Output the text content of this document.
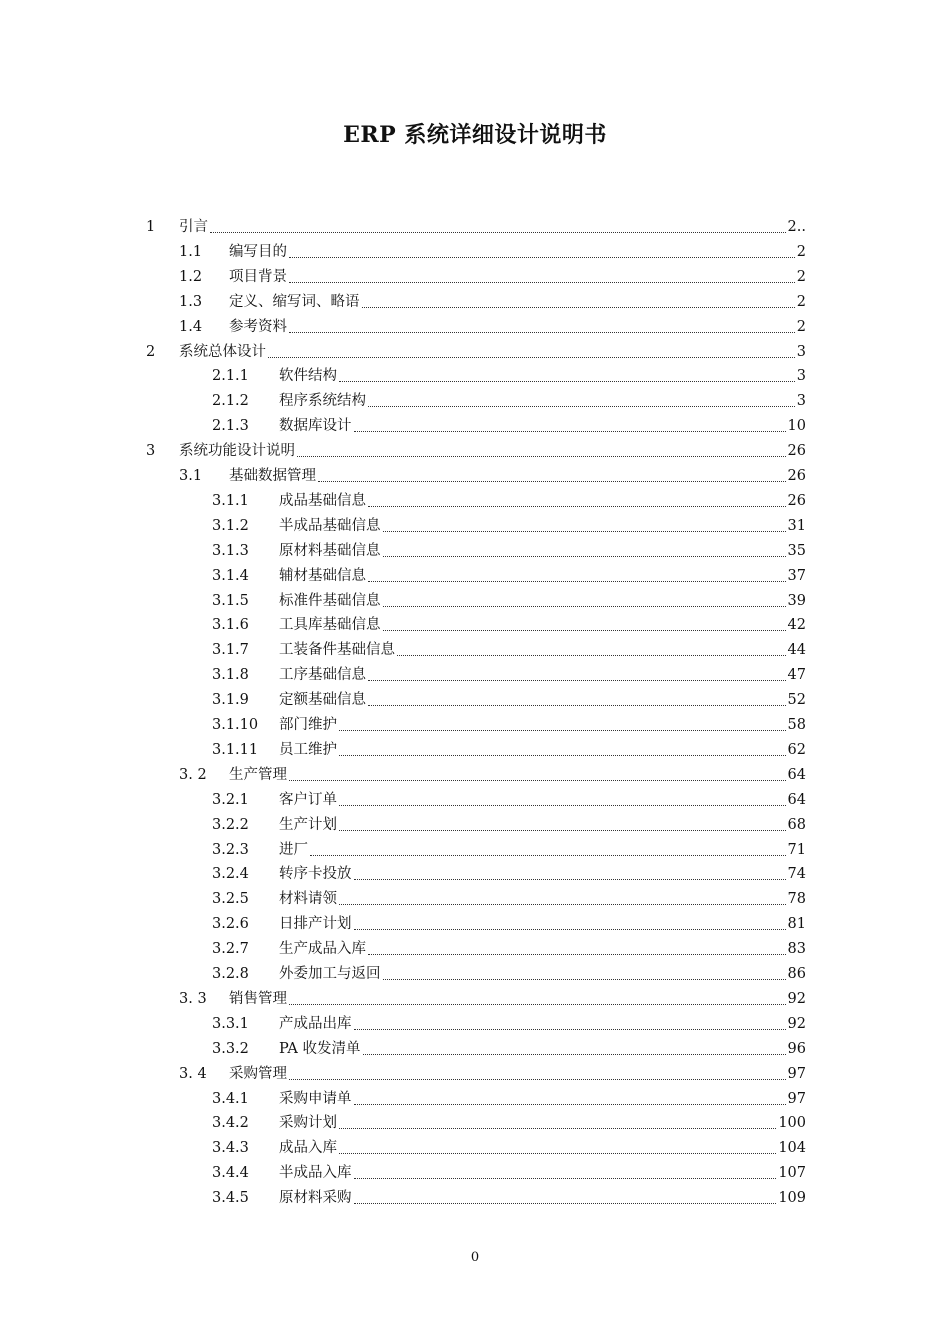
ERP 系统详细设计说明书
1	引言	2..
1.1	编写目的	2
1.2	项目背景	2
1.3	定义、缩写词、略语	2
1.4	参考资料	2
2	系统总体设计	3
2.1.1	软件结构	3
2.1.2	程序系统结构	3
2.1.3	数据库设计	10
3	系统功能设计说明	26
3.1	基础数据管理	26
3.1.1	成品基础信息	26
3.1.2	半成品基础信息	31
3.1.3	原材料基础信息	35
3.1.4	辅材基础信息	37
3.1.5	标准件基础信息	39
3.1.6	工具库基础信息	42
3.1.7	工装备件基础信息	44
3.1.8	工序基础信息	47
3.1.9	定额基础信息	52
3.1.10	部门维护	58
3.1.11	员工维护	62
3. 2	生产管理	64
3.2.1	客户订单	64
3.2.2	生产计划	68
3.2.3	进厂	71
3.2.4	转序卡投放	74
3.2.5	材料请领	78
3.2.6	日排产计划	81
3.2.7	生产成品入库	83
3.2.8	外委加工与返回	86
3. 3	销售管理	92
3.3.1	产成品出库	92
3.3.2	PA 收发清单	96
3. 4	采购管理	97
3.4.1	采购申请单	97
3.4.2	采购计划	100
3.4.3	成品入库	104
3.4.4	半成品入库	107
3.4.5	原材料采购	109
0
